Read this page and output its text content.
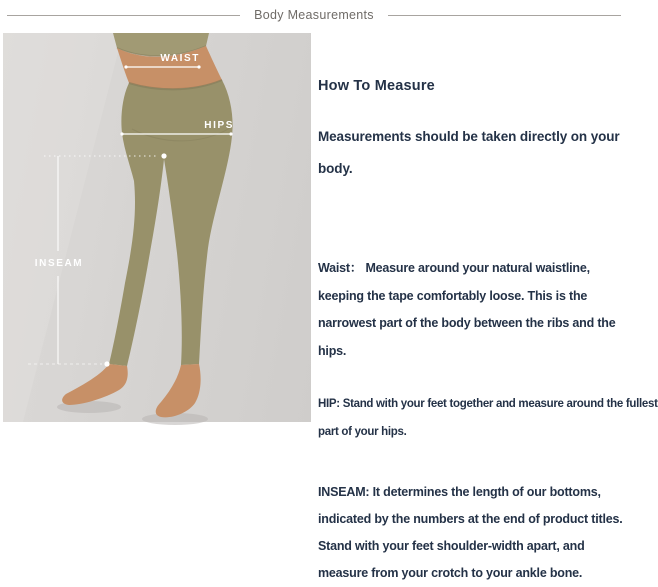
Body Measurements
WAIST
HIPS
INSEAM
How To Measure
Measurements should be taken directly on your
body.
Waist： Measure around your natural waistline,
keeping the tape comfortably loose. This is the
narrowest part of the body between the ribs and the
hips.
HIP: Stand with your feet together and measure around the fullest
part of your hips.
INSEAM: It determines the length of our bottoms,
indicated by the numbers at the end of product titles.
Stand with your feet shoulder-width apart, and
measure from your crotch to your ankle bone.
